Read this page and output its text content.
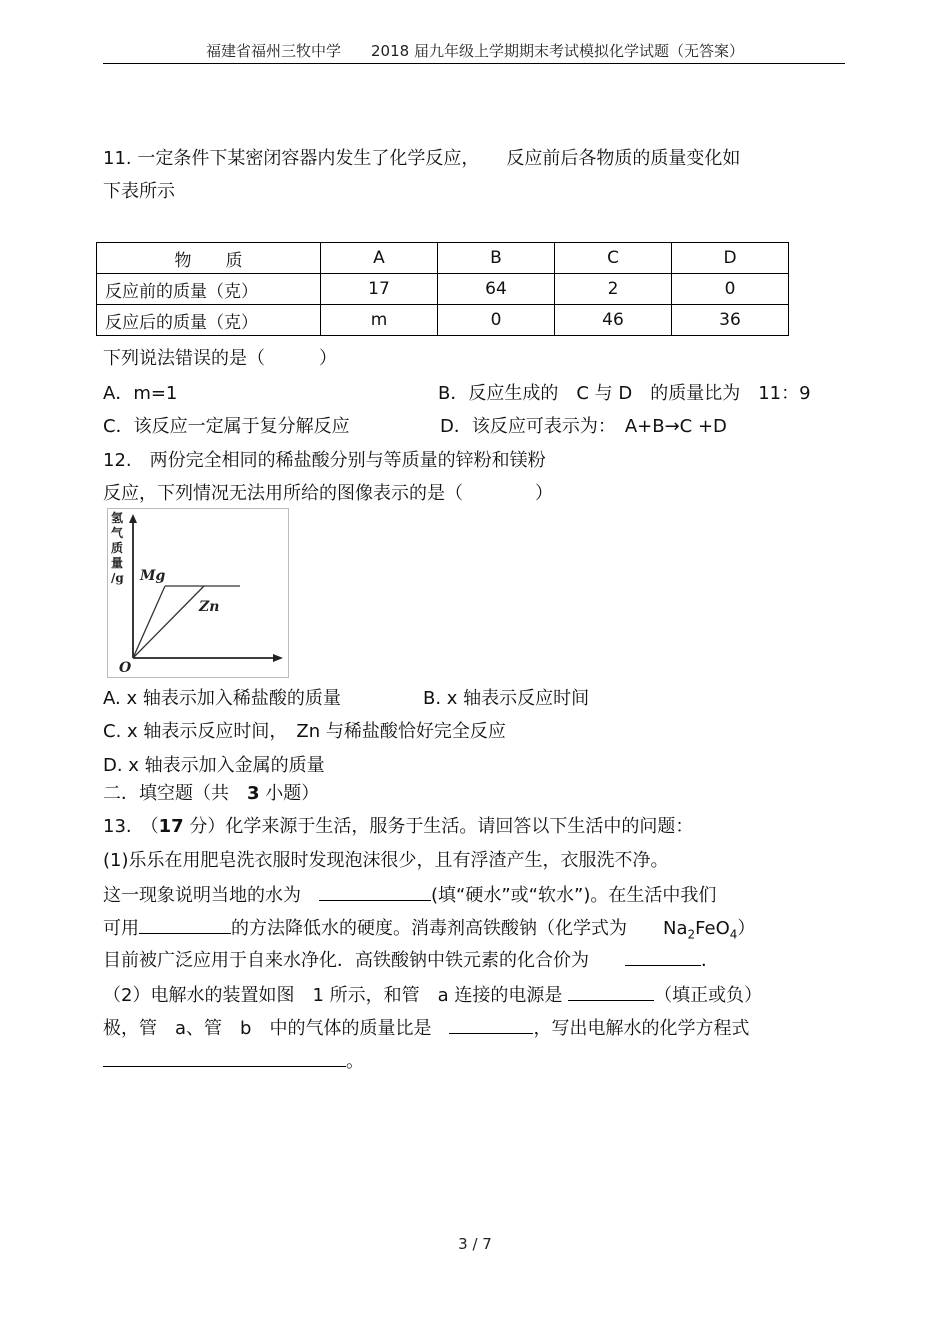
福建省福州三牧中学　　2018 届九年级上学期期末考试模拟化学试题（无答案）
11. 一定条件下某密闭容器内发生了化学反应，　　反应前后各物质的质量变化如
下表所示
物　　质	A	B	C	D
反应前的质量（克）	17	64	2	0
反应后的质量（克）	m	0	46	36
下列说法错误的是（　　　）
A．m=1	B．反应生成的　C 与 D　的质量比为　11：9
C．该反应一定属于复分解反应	D．该反应可表示为：　A+B→C +D
12.　两份完全相同的稀盐酸分别与等质量的锌粉和镁粉
反应，下列情况无法用所给的图像表示的是（　　　　）
氢 气 质 量 /g Mg
Zn
O
A. x 轴表示加入稀盐酸的质量	B. x 轴表示反应时间
C. x 轴表示反应时间，　Zn 与稀盐酸恰好完全反应
D. x 轴表示加入金属的质量
二．填空题（共　3 小题）
13.　（17 分）化学来源于生活，服务于生活。请回答以下生活中的问题：
(1)乐乐在用肥皂洗衣服时发现泡沫很少，且有浮渣产生，衣服洗不净。
这一现象说明当地的水为　	(填“硬水”或“软水”)。在生活中我们
可用	的方法降低水的硬度。消毒剂高铁酸钠（化学式为　　$Na_2FeO_4$）
目前被广泛应用于自来水净化．高铁酸钠中铁元素的化合价为　　	．
（2）电解水的装置如图　1 所示，和管　a 连接的电源是	（填正或负）
极，管　a、管　b　中的气体的质量比是　	，写出电解水的化学方程式
。
3 / 7
